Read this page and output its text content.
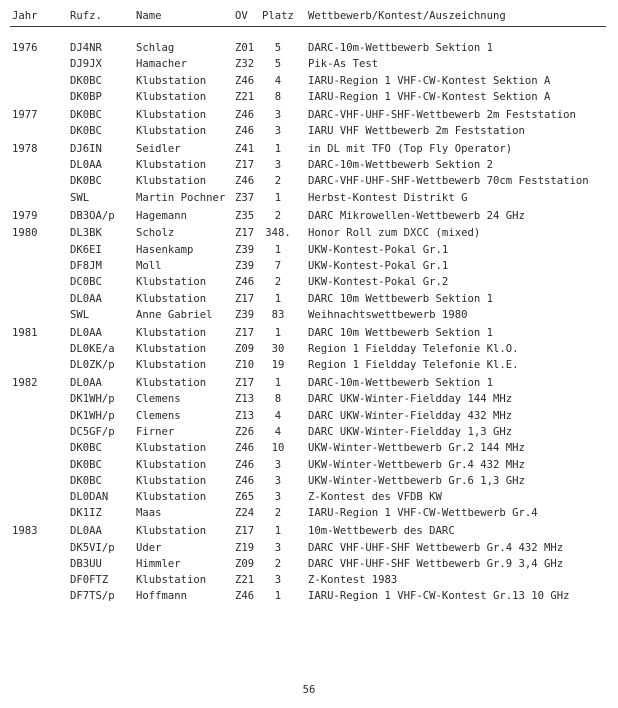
Jahr	Rufz.	Name	OV Platz Wettbewerb/Kontest/Auszeichnung
1976	DJ4NR	Schlag	Z01	5	DARC-10m-Wettbewerb Sektion 1
DJ9JX	Hamacher	Z32	5	Pik-As Test
DK0BC	Klubstation	Z46	4	IARU-Region 1 VHF-CW-Kontest Sektion A
DK0BP	Klubstation	Z21	8	IARU-Region 1 VHF-CW-Kontest Sektion A
1977	DK0BC	Klubstation	Z46	3	DARC-VHF-UHF-SHF-Wettbewerb 2m Feststation
DK0BC	Klubstation	Z46	3	IARU VHF Wettbewerb 2m Feststation
1978	DJ6IN	Seidler	Z41	1	in DL mit TFO (Top Fly Operator)
DL0AA	Klubstation	Z17	3	DARC-10m-Wettbewerb Sektion 2
DK0BC	Klubstation	Z46	2	DARC-VHF-UHF-SHF-Wettbewerb 70cm Feststation
SWL	Martin Pochner Z37	1	Herbst-Kontest Distrikt G
1979	DB3OA/p Hagemann	Z35	2	DARC Mikrowellen-Wettbewerb 24 GHz
1980	DL3BK	Scholz	Z17	348.	Honor Roll zum DXCC (mixed)
DK6EI	Hasenkamp	Z39	1	UKW-Kontest-Pokal Gr.1
DF8JM	Moll	Z39	7	UKW-Kontest-Pokal Gr.1
DC0BC	Klubstation	Z46	2	UKW-Kontest-Pokal Gr.2
DL0AA	Klubstation	Z17	1	DARC 10m Wettbewerb Sektion 1
SWL	Anne Gabriel Z39	83	Weihnachtswettbewerb 1980
1981	DL0AA	Klubstation	Z17	1	DARC 10m Wettbewerb Sektion 1
DL0KE/a Klubstation	Z09	30	Region 1 Fieldday Telefonie Kl.O.
DL0ZK/p Klubstation	Z10	19	Region 1 Fieldday Telefonie Kl.E.
1982	DL0AA	Klubstation	Z17	1	DARC-10m-Wettbewerb Sektion 1
DK1WH/p Clemens	Z13	8	DARC UKW-Winter-Fieldday 144 MHz
DK1WH/p Clemens	Z13	4	DARC UKW-Winter-Fieldday 432 MHz
DC5GF/p Firner	Z26	4	DARC UKW-Winter-Fieldday 1,3 GHz
DK0BC	Klubstation	Z46	10	UKW-Winter-Wettbewerb Gr.2 144 MHz
DK0BC	Klubstation	Z46	3	UKW-Winter-Wettbewerb Gr.4 432 MHz
DK0BC	Klubstation	Z46	3	UKW-Winter-Wettbewerb Gr.6 1,3 GHz
DL0DAN	Klubstation	Z65	3	Z-Kontest des VFDB KW
DK1IZ	Maas	Z24	2	IARU-Region 1 VHF-CW-Wettbewerb Gr.4
1983	DL0AA	Klubstation	Z17	1	10m-Wettbewerb des DARC
DK5VI/p Uder	Z19	3	DARC VHF-UHF-SHF Wettbewerb Gr.4 432 MHz
DB3UU	Himmler	Z09	2	DARC VHF-UHF-SHF Wettbewerb Gr.9 3,4 GHz
DF0FTZ	Klubstation	Z21	3	Z-Kontest 1983
DF7TS/p Hoffmann	Z46	1	IARU-Region 1 VHF-CW-Kontest Gr.13 10 GHz
56
